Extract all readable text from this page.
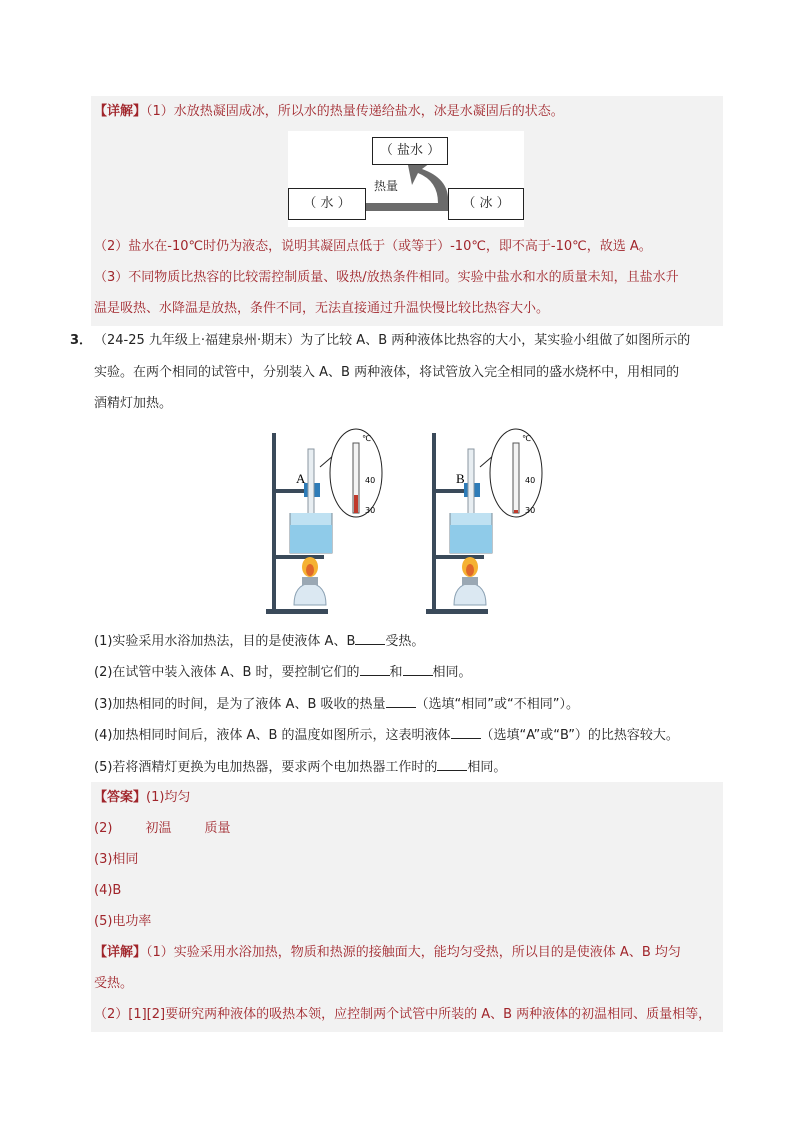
【详解】（1）水放热凝固成冰，所以水的热量传递给盐水，冰是水凝固后的状态。
（ 盐水 ）
（ 水 ）	（ 冰 ）
热量
（2）盐水在-10℃时仍为液态，说明其凝固点低于（或等于）-10℃，即不高于-10℃，故选 A。
（3）不同物质比热容的比较需控制质量、吸热/放热条件相同。实验中盐水和水的质量未知，且盐水升
温是吸热、水降温是放热，条件不同，无法直接通过升温快慢比较比热容大小。
3． （24-25 九年级上·福建泉州·期末）为了比较 A、B 两种液体比热容的大小，某实验小组做了如图所示的
实验。在两个相同的试管中，分别装入 A、B 两种液体，将试管放入完全相同的盛水烧杯中，用相同的
酒精灯加热。
A
℃
40
30
B
℃
40
30
(1)实验采用水浴加热法，目的是使液体 A、B 受热。
(2)在试管中装入液体 A、B 时，要控制它们的 和 相同。
(3)加热相同的时间，是为了液体 A、B 吸收的热量 （选填“相同”或“不相同”）。
(4)加热相同时间后，液体 A、B 的温度如图所示，这表明液体 （选填“A”或“B”）的比热容较大。
(5)若将酒精灯更换为电加热器，要求两个电加热器工作时的 相同。
【答案】(1)均匀
(2)        初温        质量
(3)相同
(4)B
(5)电功率
【详解】（1）实验采用水浴加热，物质和热源的接触面大，能均匀受热，所以目的是使液体 A、B 均匀
受热。
（2）[1][2]要研究两种液体的吸热本领，应控制两个试管中所装的 A、B 两种液体的初温相同、质量相等，
